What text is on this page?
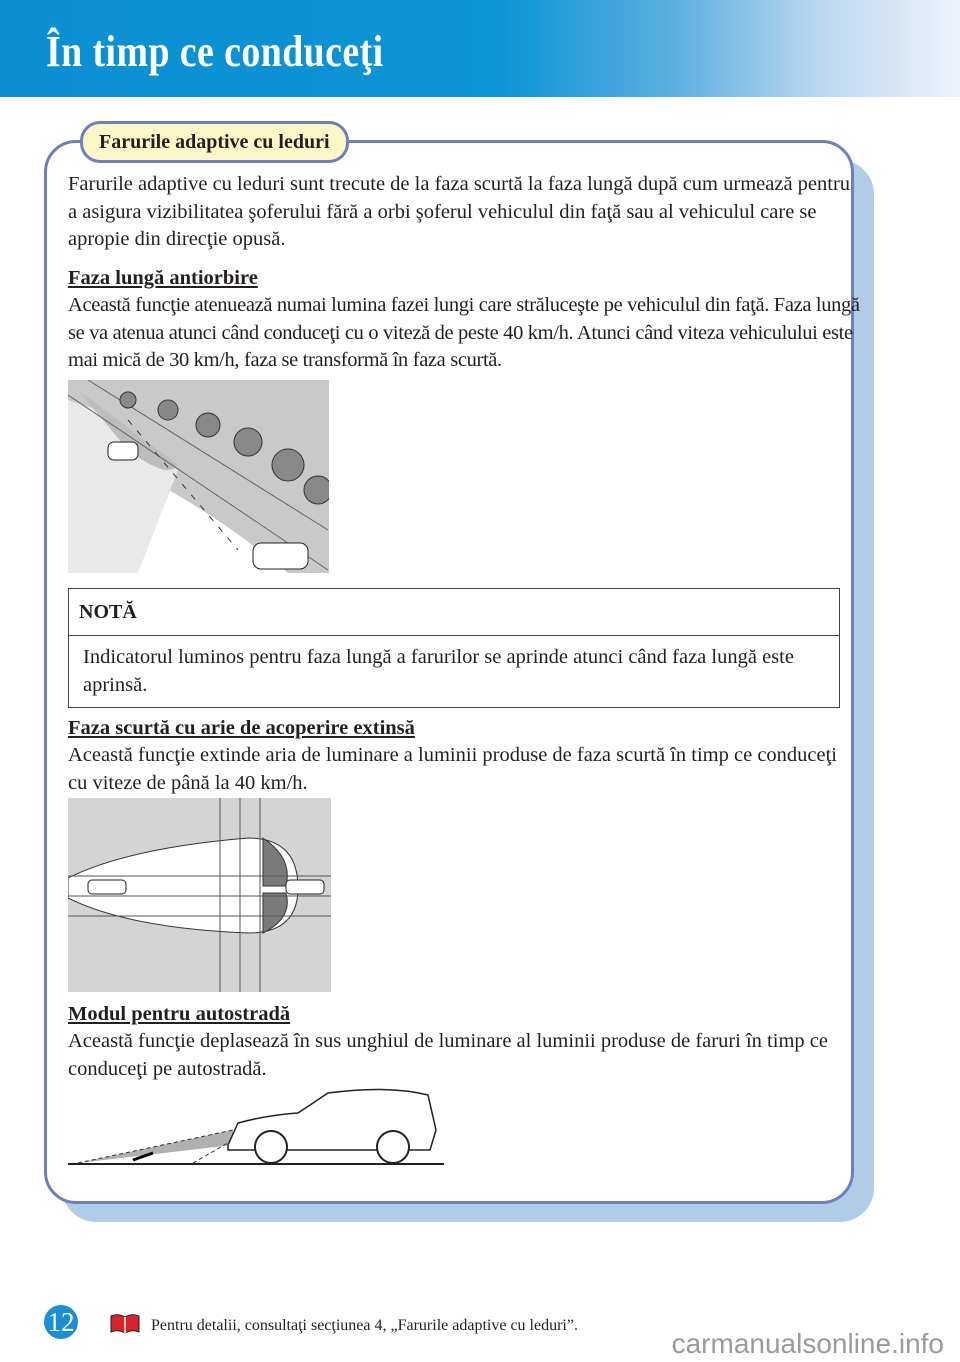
În timp ce conduceţi
Farurile adaptive cu leduri
Farurile adaptive cu leduri sunt trecute de la faza scurtă la faza lungă după cum urmează pentru a asigura vizibilitatea şoferului fără a orbi şoferul vehiculul din faţă sau al vehiculul care se apropie din direcţie opusă.
Faza lungă antiorbire
Această funcţie atenuează numai lumina fazei lungi care străluceşte pe vehiculul din faţă. Faza lungă se va atenua atunci când conduceţi cu o viteză de peste 40 km/h. Atunci când viteza vehiculului este mai mică de 30 km/h, faza se transformă în faza scurtă.
NOTĂ
Indicatorul luminos pentru faza lungă a farurilor se aprinde atunci când faza lungă este aprinsă.
Faza scurtă cu arie de acoperire extinsă
Această funcţie extinde aria de luminare a luminii produse de faza scurtă în timp ce conduceţi cu viteze de până la 40 km/h.
Modul pentru autostradă
Această funcţie deplasează în sus unghiul de luminare al luminii produse de faruri în timp ce conduceţi pe autostradă.
12	Pentru detalii, consultaţi secţiunea 4, „Farurile adaptive cu leduri”.
carmanualsonline.info
